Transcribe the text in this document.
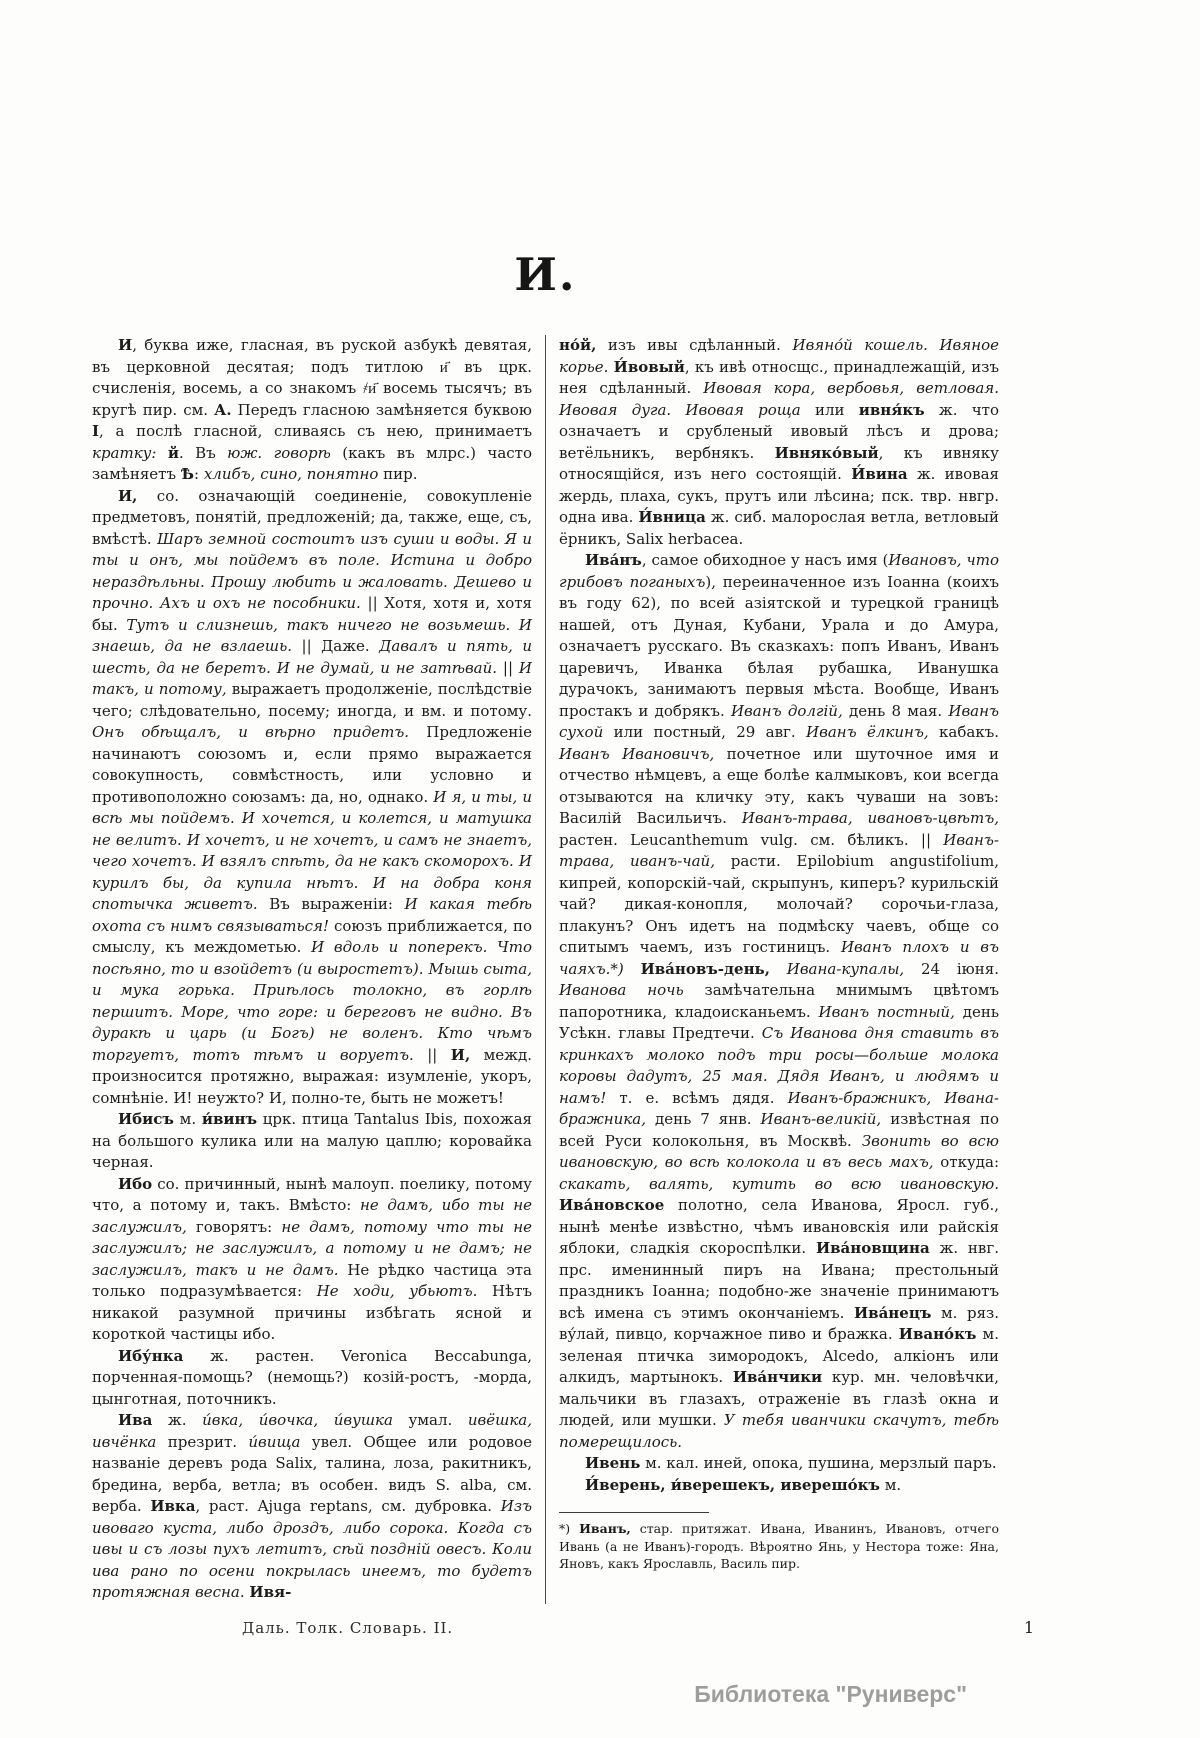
И.

И, буква иже, гласная, въ руской азбукѣ девятая, въ церковной десятая; подъ титлою и҃ въ црк. счисленія, восемь, а со знакомъ ҂и҃ восемь тысячъ; въ кругѣ пир. см. А. Передъ гласною замѣняется буквою І, а послѣ гласной, сливаясь съ нею, принимаетъ кратку: й. Въ юж. говорѣ (какъ въ млрс.) часто замѣняетъ Ѣ: хлибъ, сино, понятно пир.

И, со. означающій соединеніе, совокупленіе предметовъ, понятій, предложеній; да, также, еще, съ, вмѣстѣ. Шаръ земной состоитъ изъ суши и воды. Я и ты и онъ, мы пойдемъ въ поле. Истина и добро нераздѣльны. Прошу любить и жаловать. Дешево и прочно. Ахъ и охъ не пособники. || Хотя, хотя и, хотя бы. Тутъ и слизнешь, такъ ничего не возьмешь. И знаешь, да не взлаешь. || Даже. Давалъ и пять, и шесть, да не беретъ. И не думай, и не затѣвай. || И такъ, и потому, выражаетъ продолженіе, послѣдствіе чего; слѣдовательно, посему; иногда, и вм. и потому. Онъ обѣщалъ, и вѣрно придетъ. Предложеніе начинаютъ союзомъ и, если прямо выражается совокупность, совмѣстность, или условно и противоположно союзамъ: да, но, однако. И я, и ты, и всѣ мы пойдемъ. И хочется, и колется, и матушка не велитъ. И хочетъ, и не хочетъ, и самъ не знаетъ, чего хочетъ. И взялъ спѣть, да не какъ скоморохъ. И курилъ бы, да купила нѣтъ. И на добра коня спотычка живетъ. Въ выраженіи: И какая тебѣ охота съ нимъ связываться! союзъ приближается, по смыслу, къ междометью. И вдоль и поперекъ. Что посѣяно, то и взойдетъ (и выростетъ). Мышь сыта, и мука горька. Приѣлось толокно, въ горлѣ першитъ. Море, что горе: и береговъ не видно. Въ дуракѣ и царь (и Богъ) не воленъ. Кто чѣмъ торгуетъ, тотъ тѣмъ и воруетъ. || И, межд. произносится протяжно, выражая: изумленіе, укоръ, сомнѣніе. И! неужто? И, полно-те, быть не можетъ!

Ибисъ м. и́винъ црк. птица Tantalus Ibis, похожая на большого кулика или на малую цаплю; коровайка черная.

Ибо со. причинный, нынѣ малоуп. поелику, потому что, а потому и, такъ. Вмѣсто: не дамъ, ибо ты не заслужилъ, говорятъ: не дамъ, потому что ты не заслужилъ; не заслужилъ, а потому и не дамъ; не заслужилъ, такъ и не дамъ. Не рѣдко частица эта только подразумѣвается: Не ходи, убьютъ. Нѣтъ никакой разумной причины избѣгать ясной и короткой частицы ибо.

Ибу́нка ж. растен. Veronica Beccabunga, порченная-помощь? (немощь?) козій-ростъ, -морда, цынготная, поточникъ.

Ива ж. и́вка, и́вочка, и́вушка умал. ивёшка, ивчёнка презрит. и́вища увел. Общее или родовое названіе деревъ рода Salix, талина, лоза, ракитникъ, бредина, верба, ветла; въ особен. видъ S. alba, см. верба. Ивка, раст. Ajuga reptans, см. дубровка. Изъ ивоваго куста, либо дроздъ, либо сорока. Когда съ ивы и съ лозы пухъ летитъ, сѣй поздній овесъ. Коли ива рано по осени покрылась инеемъ, то будетъ протяжная весна. Ивя-

но́й, изъ ивы сдѣланный. Ивяно́й кошель. Ивяное корье. И́вовый, къ ивѣ относщс., принадлежащій, изъ нея сдѣланный. Ивовая кора, вербовья, ветловая. Ивовая дуга. Ивовая роща или ивня́къ ж. что означаетъ и срубленый ивовый лѣсъ и дрова; ветёльникъ, вербнякъ. Ивняко́вый, къ ивняку относящійся, изъ него состоящій. И́вина ж. ивовая жердь, плаха, сукъ, прутъ или лѣсина; пск. твр. нвгр. одна ива. И́вница ж. сиб. малорослая ветла, ветловый ёрникъ, Salix herbacea.

Ива́нъ, самое обиходное у насъ имя (Ивановъ, что грибовъ поганыхъ), переиначенное изъ Іоанна (коихъ въ году 62), по всей азіятской и турецкой границѣ нашей, отъ Дуная, Кубани, Урала и до Амура, означаетъ русскаго. Въ сказкахъ: попъ Иванъ, Иванъ царевичъ, Иванка бѣлая рубашка, Иванушка дурачокъ, занимаютъ первыя мѣста. Вообще, Иванъ простакъ и добрякъ. Иванъ долгій, день 8 мая. Иванъ сухой или постный, 29 авг. Иванъ ёлкинъ, кабакъ. Иванъ Ивановичъ, почетное или шуточное имя и отчество нѣмцевъ, а еще болѣе калмыковъ, кои всегда отзываются на кличку эту, какъ чуваши на зовъ: Василій Васильичъ. Иванъ-трава, ивановъ-цвѣтъ, растен. Leucanthemum vulg. см. бѣликъ. || Иванъ-трава, иванъ-чай, расти. Epilobium angustifolium, кипрей, копорскій-чай, скрыпунъ, киперъ? курильскій чай? дикая-конопля, молочай? сорочьи-глаза, плакунъ? Онъ идетъ на подмѣску чаевъ, обще со спитымъ чаемъ, изъ гостиницъ. Иванъ плохъ и въ чаяхъ.*) Ива́новъ-день, Ивана-купалы, 24 іюня. Иванова ночь замѣчательна мнимымъ цвѣтомъ папоротника, кладоисканьемъ. Иванъ постный, день Усѣкн. главы Предтечи. Съ Иванова дня ставить въ кринкахъ молоко подъ три росы—больше молока коровы дадутъ, 25 мая. Дядя Иванъ, и людямъ и намъ! т. е. всѣмъ дядя. Иванъ-бражникъ, Ивана-бражника, день 7 янв. Иванъ-великій, извѣстная по всей Руси колокольня, въ Москвѣ. Звонить во всю ивановскую, во всѣ колокола и въ весь махъ, откуда: скакать, валять, кутить во всю ивановскую. Ива́новское полотно, села Иванова, Яросл. губ., нынѣ менѣе извѣстно, чѣмъ ивановскія или райскія яблоки, сладкія скороспѣлки. Ива́новщина ж. нвг. прс. именинный пиръ на Ивана; престольный праздникъ Іоанна; подобно-же значеніе принимаютъ всѣ имена съ этимъ окончаніемъ. Ива́нецъ м. ряз. ву́лай, пивцо, корчажное пиво и бражка. Ивано́къ м. зеленая птичка зимородокъ, Alcedo, алкіонъ или алкидъ, мартынокъ. Ива́нчики кур. мн. человѣчки, мальчики въ глазахъ, отраженіе въ глазѣ окна и людей, или мушки. У тебя иванчики скачутъ, тебѣ померещилось.

Ивень м. кал. иней, опока, пушина, мерзлый паръ.

И́верень, и́верешекъ, иверешо́къ м.

*) Иванъ, стар. притяжат. Ивана, Иванинъ, Ивановъ, отчего Ивань (а не Иванъ)-городъ. Вѣроятно Янь, у Нестора тоже: Яна, Яновъ, какъ Ярославль, Василь пир.

Даль. Толк. Словарь. II.	1
Библиотека "Руниверс"
